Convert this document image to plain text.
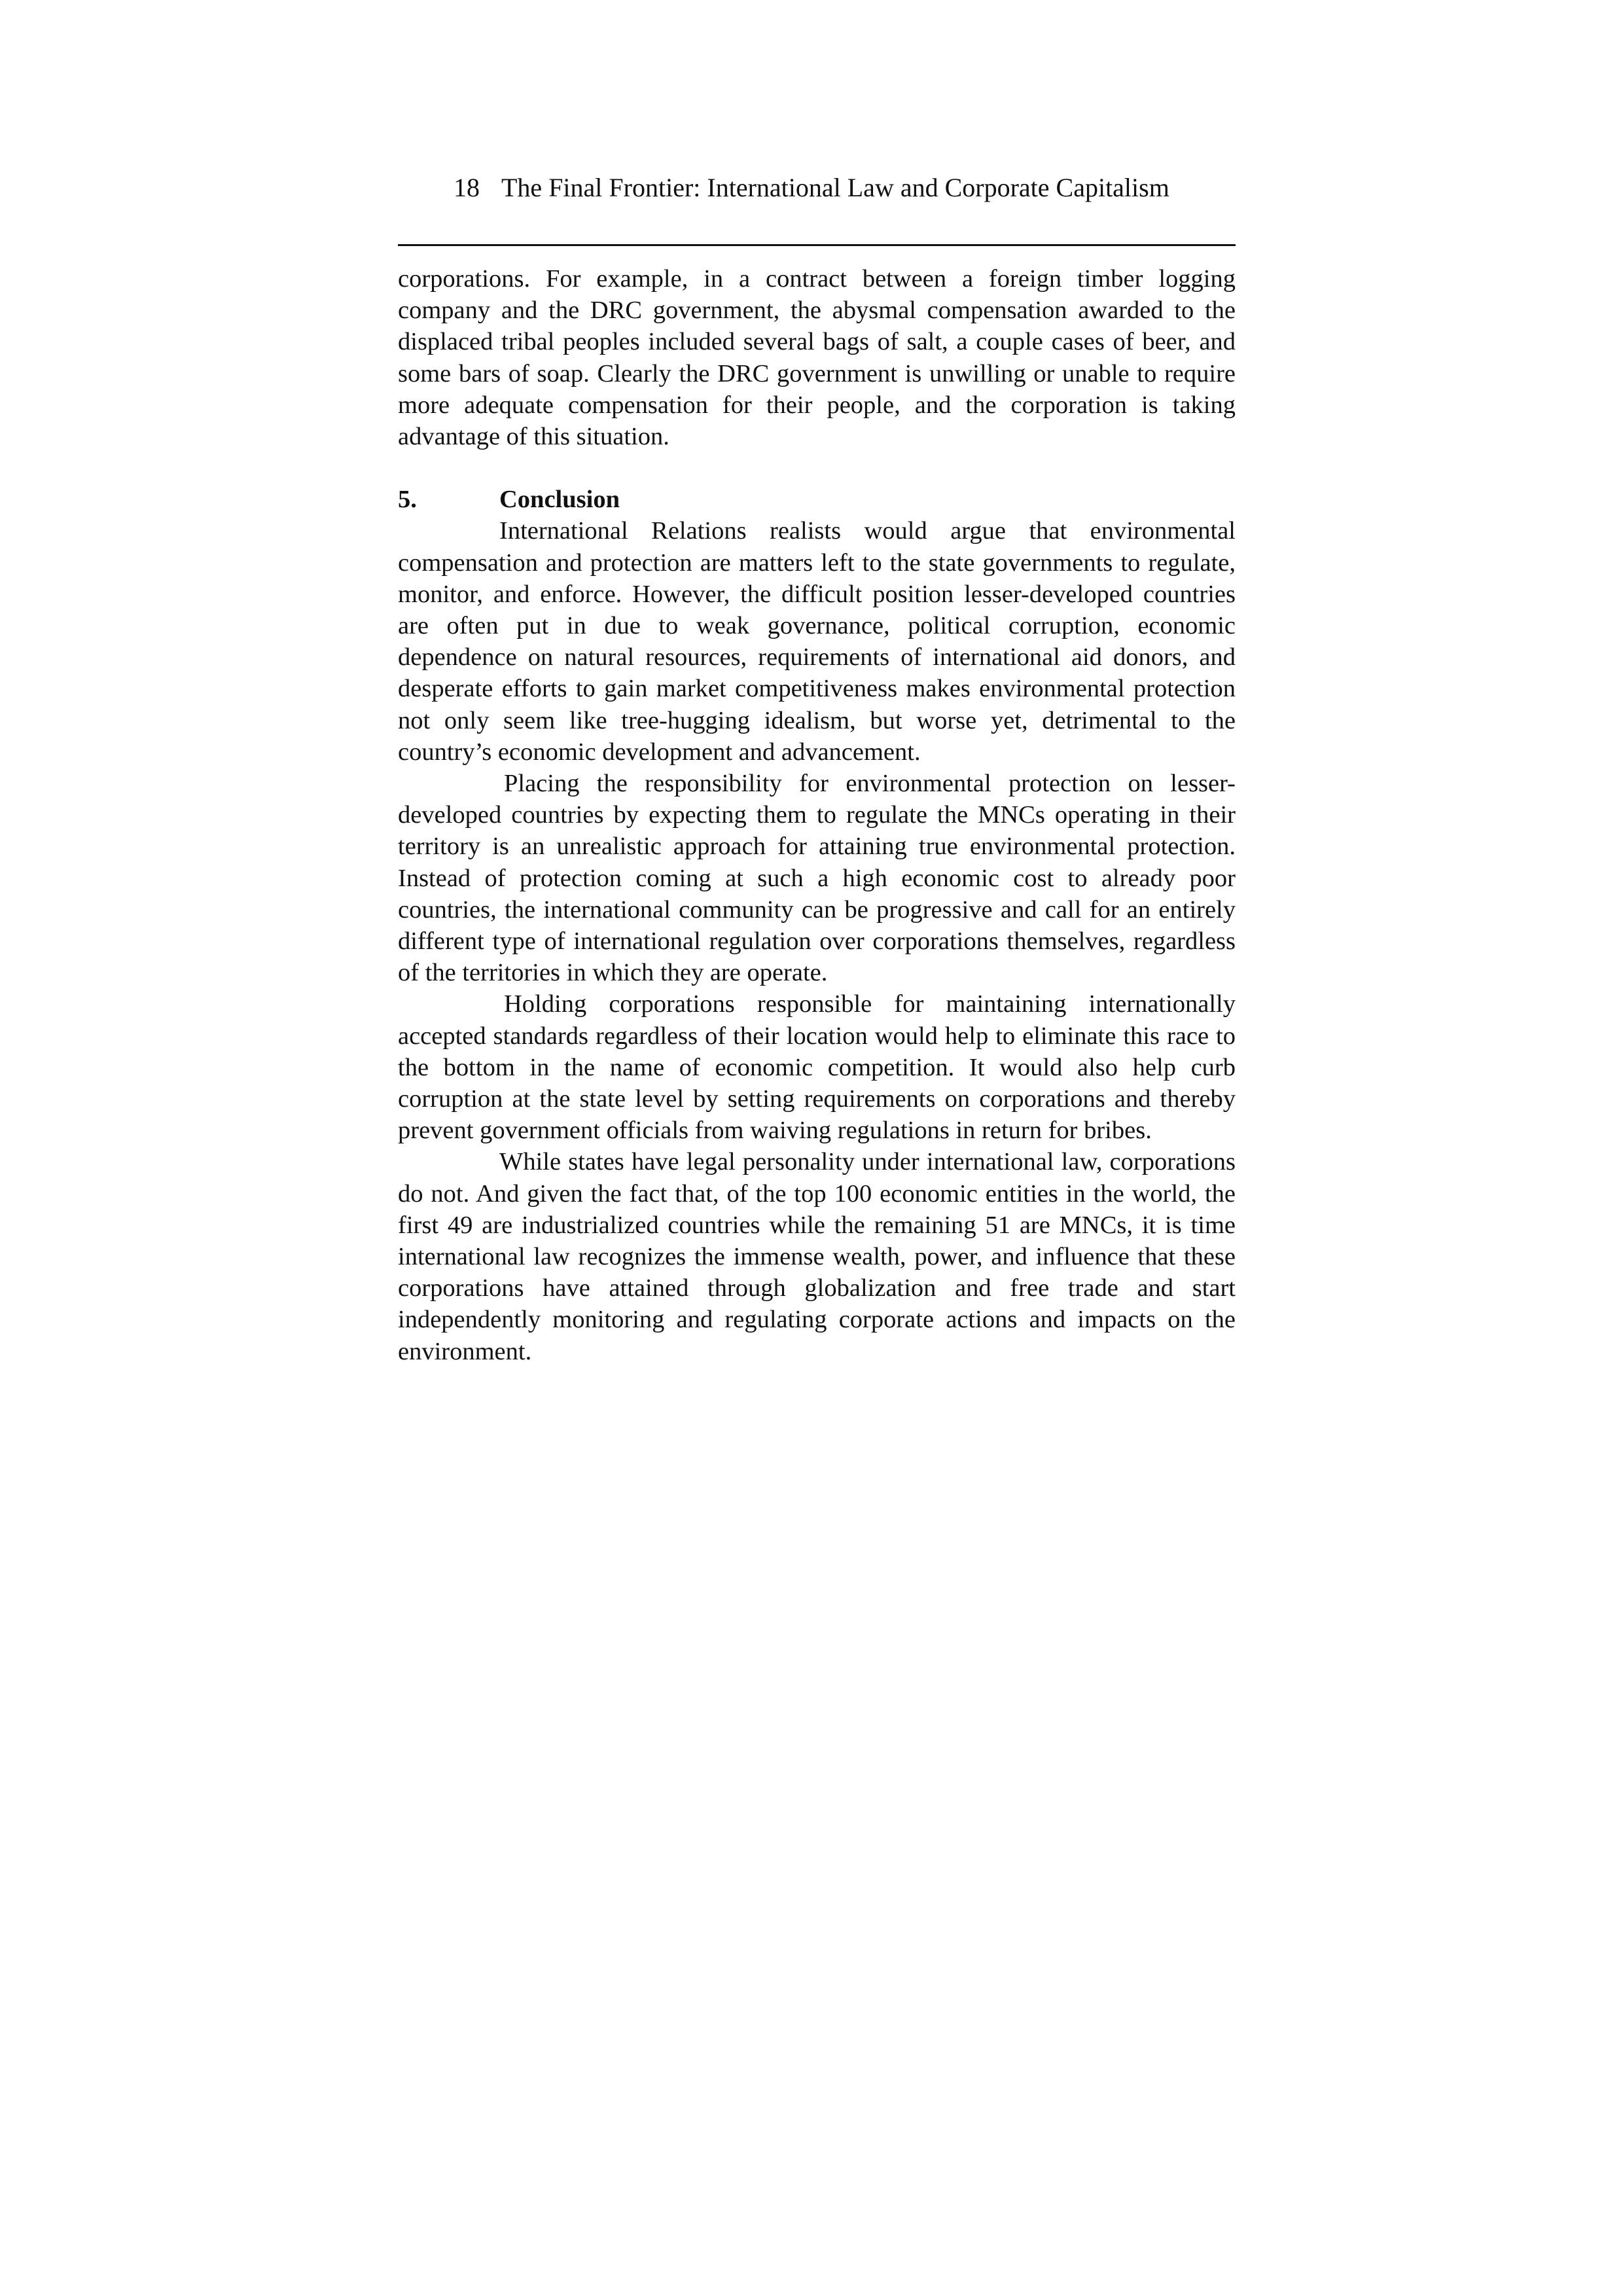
18 The Final Frontier: International Law and Corporate Capitalism

corporations. For example, in a contract between a foreign timber logging company and the DRC government, the abysmal compensation awarded to the displaced tribal peoples included several bags of salt, a couple cases of beer, and some bars of soap. Clearly the DRC government is unwilling or unable to require more adequate compensation for their people, and the corporation is taking advantage of this situation.

5.	Conclusion

International Relations realists would argue that environmental compensation and protection are matters left to the state governments to regulate, monitor, and enforce. However, the difficult position lesser-developed countries are often put in due to weak governance, political corruption, economic dependence on natural resources, requirements of international aid donors, and desperate efforts to gain market competitiveness makes environmental protection not only seem like tree-hugging idealism, but worse yet, detrimental to the country’s economic development and advancement.

Placing the responsibility for environmental protection on lesser-developed countries by expecting them to regulate the MNCs operating in their territory is an unrealistic approach for attaining true environmental protection. Instead of protection coming at such a high economic cost to already poor countries, the international community can be progressive and call for an entirely different type of international regulation over corporations themselves, regardless of the territories in which they are operate.

Holding corporations responsible for maintaining internationally accepted standards regardless of their location would help to eliminate this race to the bottom in the name of economic competition. It would also help curb corruption at the state level by setting requirements on corporations and thereby prevent government officials from waiving regulations in return for bribes.

While states have legal personality under international law, corporations do not. And given the fact that, of the top 100 economic entities in the world, the first 49 are industrialized countries while the remaining 51 are MNCs, it is time international law recognizes the immense wealth, power, and influence that these corporations have attained through globalization and free trade and start independently monitoring and regulating corporate actions and impacts on the environment.
